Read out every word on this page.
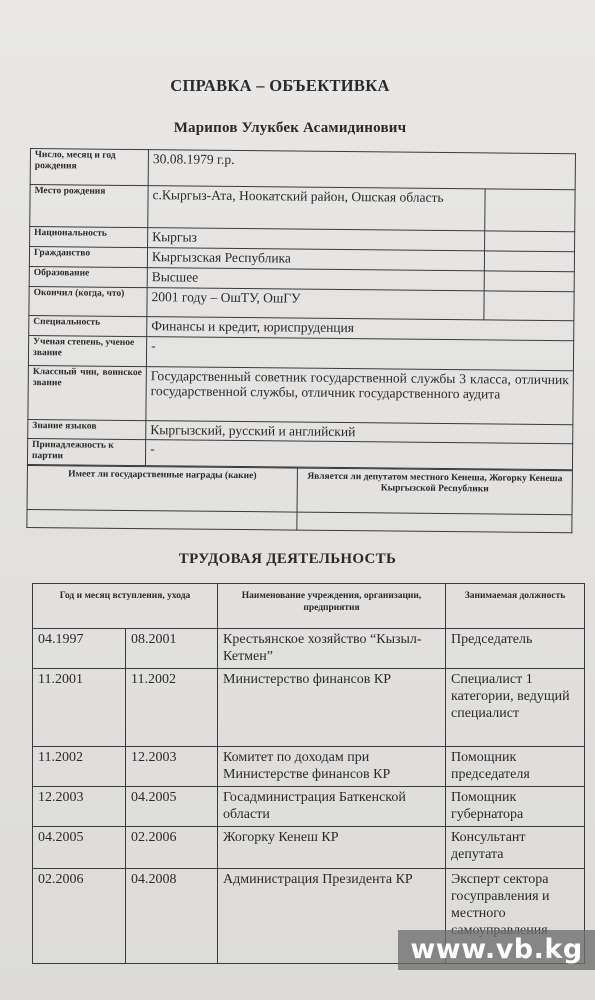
СПРАВКА – ОБЪЕКТИВКА
Марипов Улукбек Асамидинович
Число, месяц и год рождения	30.08.1979 г.р.	
Место рождения	с.Кыргыз-Ата, Ноокатский район, Ошская область	
Национальность	Кыргыз	
Гражданство	Кыргызская Республика	
Образование	Высшее	
Окончил (когда, что)	2001 году – ОшТУ, ОшГУ	
Специальность	Финансы и кредит, юриспруденция	
Ученая степень, ученое звание	-	
Классный чин, воинское звание	Государственный советник государственной службы 3 класса, отличник государственной службы, отличник государственного аудита	
Знание языков	Кыргызский, русский и английский	
Принадлежность к партии	-	
Имеет ли государственные награды (какие)	Является ли депутатом местного Кенеша, Жогорку Кенеша Кыргызской Республики

ТРУДОВАЯ ДЕЯТЕЛЬНОСТЬ
Год и месяц вступления, ухода		Наименование учреждения, организации, предприятия	Занимаемая должность
04.1997	08.2001	Крестьянское хозяйство “Кызыл-Кетмен”	Председатель
11.2001	11.2002	Министерство финансов КР	Специалист 1 категории, ведущий специалист
11.2002	12.2003	Комитет по доходам при Министерстве финансов КР	Помощник председателя
12.2003	04.2005	Госадминистрация Баткенской области	Помощник губернатора
04.2005	02.2006	Жогорку Кенеш КР	Консультант депутата
02.2006	04.2008	Администрация Президента КР	Эксперт сектора госуправления и местного
www.vb.kg
